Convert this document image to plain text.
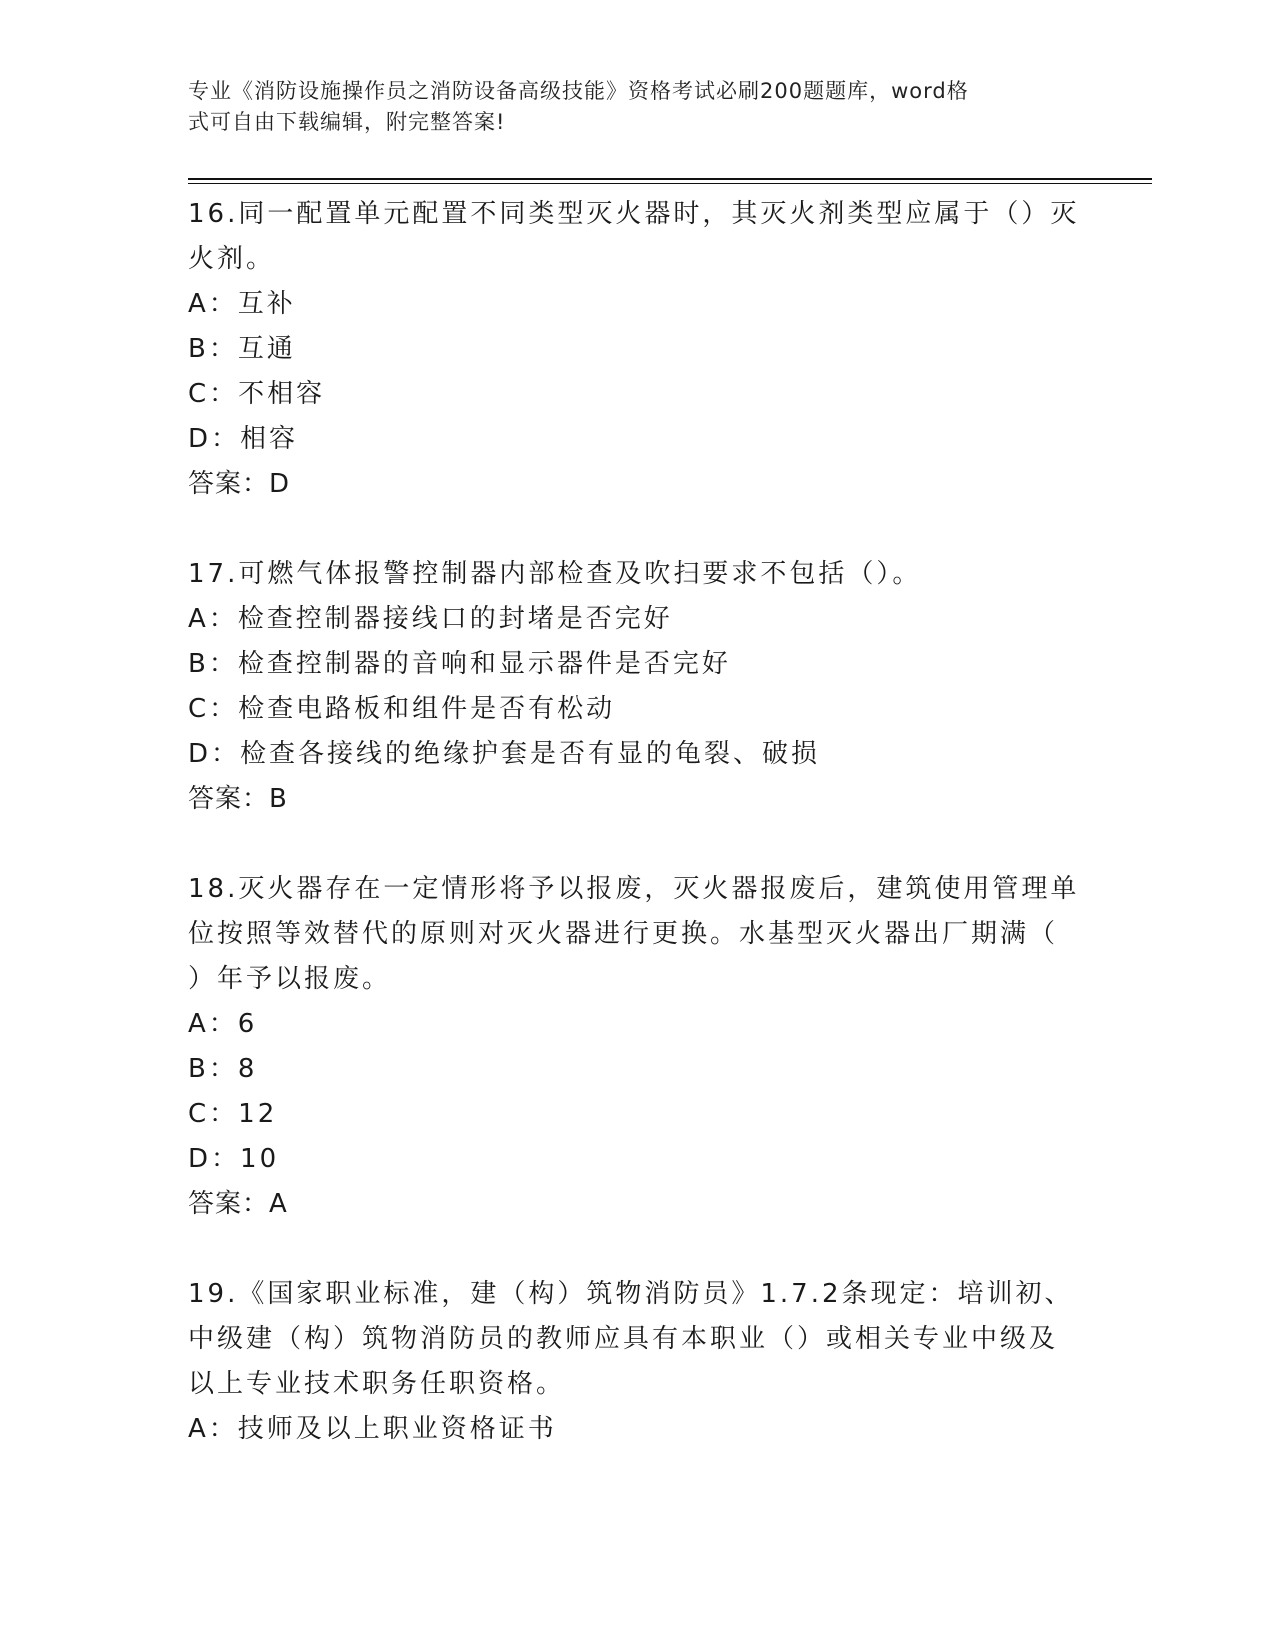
专业《消防设施操作员之消防设备高级技能》资格考试必刷200题题库，word格
式可自由下载编辑，附完整答案!
16.同一配置单元配置不同类型灭火器时，其灭火剂类型应属于（）灭
火剂。
A：互补
B：互通
C：不相容
D：相容
答案：D
17.可燃气体报警控制器内部检查及吹扫要求不包括（）。
A：检查控制器接线口的封堵是否完好
B：检查控制器的音响和显示器件是否完好
C：检查电路板和组件是否有松动
D：检查各接线的绝缘护套是否有显的龟裂、破损
答案：B
18.灭火器存在一定情形将予以报废，灭火器报废后，建筑使用管理单
位按照等效替代的原则对灭火器进行更换。水基型灭火器出厂期满（
）年予以报废。
A：6
B：8
C：12
D：10
答案：A
19.《国家职业标准，建（构）筑物消防员》1.7.2条现定：培训初、
中级建（构）筑物消防员的教师应具有本职业（）或相关专业中级及
以上专业技术职务任职资格。
A：技师及以上职业资格证书
